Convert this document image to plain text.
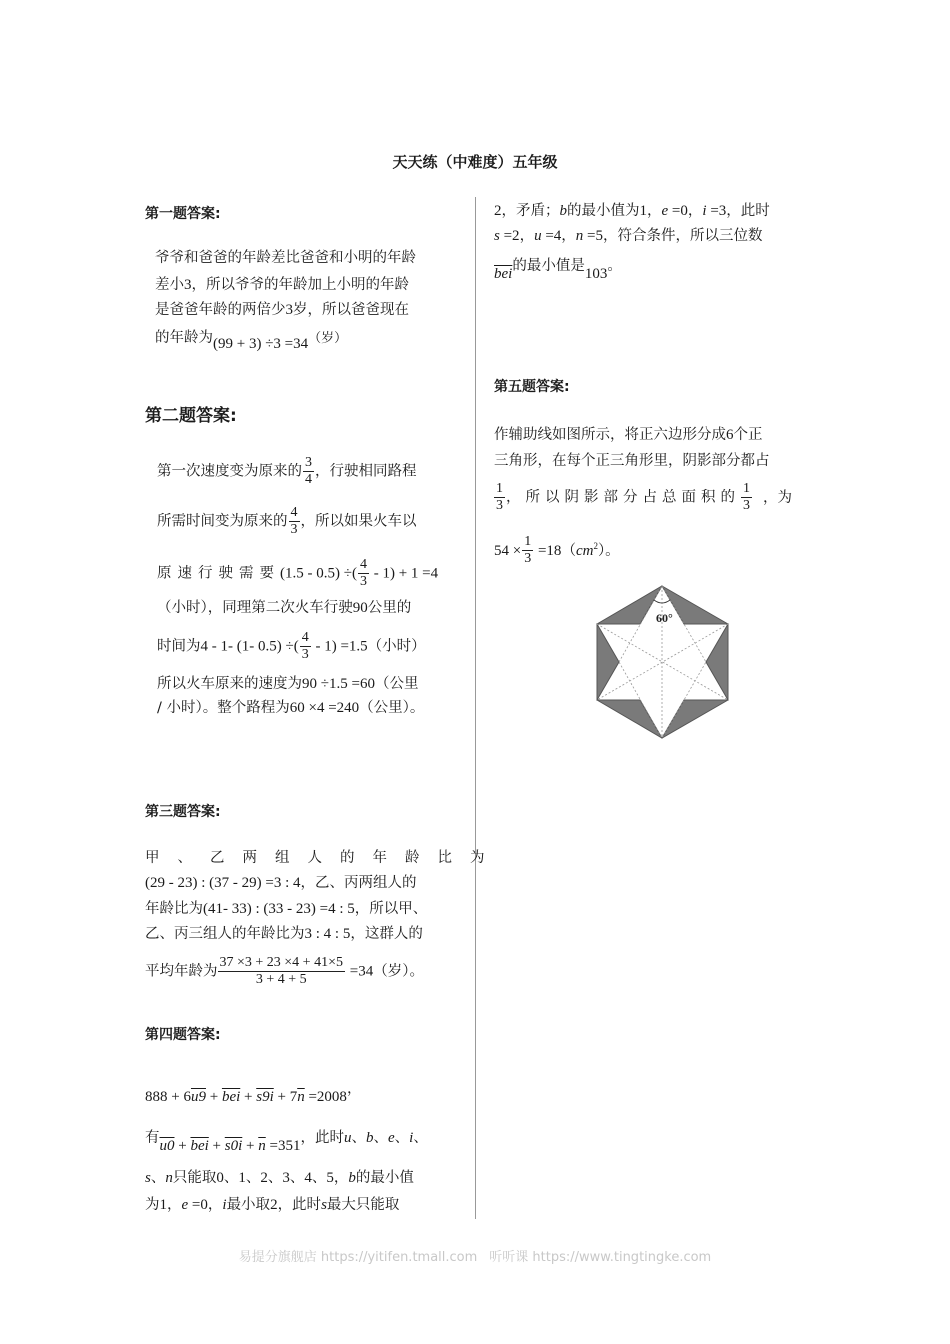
天天练（中难度）五年级
第一题答案:
爷爷和爸爸的年龄差比爸爸和小明的年龄
差小3，所以爷爷的年龄加上小明的年龄
是爸爸年龄的两倍少3岁，所以爸爸现在
的年龄为(99 + 3) ÷3 =34（岁）
第二题答案:
第一次速度变为原来的 $\frac{3}{4}$ ，行驶相同路程
所需时间变为原来的 $\frac{4}{3}$ ，所以如果火车以
原速行驶需要(1.5 - 0.5) ÷( $\frac{4}{3} - 1) + 1 =4$
（小时），同理第二次火车行驶90公里的
时间为4 - 1- (1- 0.5) ÷( $\frac{4}{3} - 1) =1.5$（小时）
所以火车原来的速度为90 ÷1.5 =60（公里
/ 小时）。整个路程为60 ×4 =240（公里）。
第三题答案:
甲、乙两组人的年龄比为
(29 - 23) : (37 - 29) =3 : 4，乙、丙两组人的
年龄比为(41- 33) : (33 - 23) =4 : 5，所以甲、
乙、丙三组人的年龄比为3 : 4 : 5，这群人的
平均年龄为 $\frac{37 \times 3 + 23 \times 4 + 41\times 5}{3 + 4 + 5} =34$（岁）。
第四题答案:
$888 + 6u9 + \overline{bei} + s9i + 7\overline{n} =2008$，
有$u0 + \overline{bei} + s0i + \overline{n} =351$，此时u、b、e、i、
s、n只能取0、1、2、3、4、5，b的最小值
为1，e =0，i最小取2，此时s最大只能取
2，矛盾；b的最小值为1，e =0，i =3，此时
s =2，u =4，n =5，符合条件，所以三位数
$\overline{bei}$的最小值是103。
第五题答案:
作辅助线如图所示，将正六边形分成6个正
三角形，在每个正三角形里，阴影部分都占
$\frac{1}{3}$ ，所以阴影部分占总面积的 $\frac{1}{3}$ ，为
$54 \times \frac{1}{3} =18(cm^2)$。
60°
易提分旗舰店 https://yitifen.tmall.com 听听课 https://www.tingtingke.com
